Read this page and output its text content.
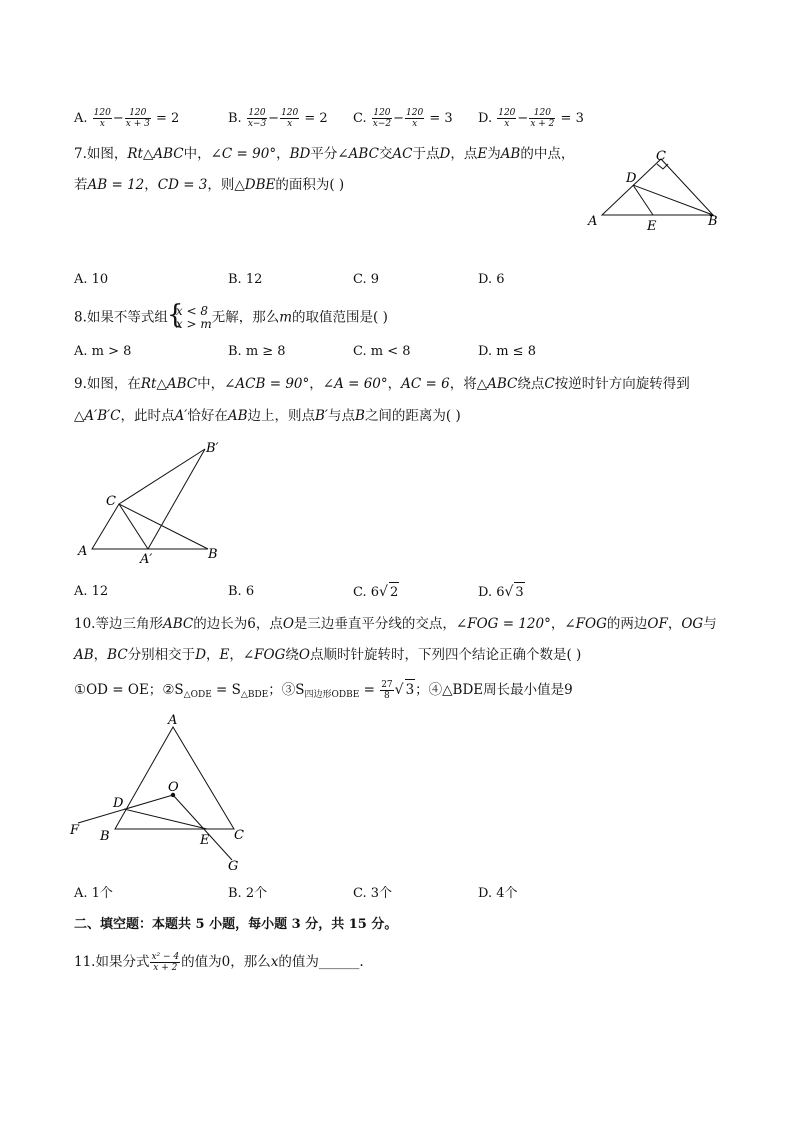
A. $\frac{120}{x} - \frac{120}{x + 3} = 2$	B. $\frac{120}{x-3} - \frac{120}{x} = 2$ C. $\frac{120}{x-2} - \frac{120}{x} = 3$ D. $\frac{120}{x} - \frac{120}{x + 2} = 3$
7.如图，Rt△ABC中，∠C = 90°，BD平分∠ABC交AC于点D，点E为AB的中点，
若AB = 12，CD = 3，则△DBE的面积为( )
A	B
C
D
E
A. 10	B. 12	C. 9	D. 6
8.如果不等式组 {
x < 8
x > m 无解，那么m的取值范围是( )
A. m > 8	B. m ≥ 8	C. m < 8	D. m ≤ 8
9.如图，在Rt△ABC中，∠ACB = 90°，∠A = 60°，AC = 6，将△ABC绕点C按逆时针方向旋转得到
△A′B′C，此时点A′恰好在AB边上，则点B′与点B之间的距离为( )
A	B
C
A′
B′
A. 12	B. 6	C. 6√ 2	D. 6√ 3
10.等边三角形ABC的边长为6，点O是三边垂直平分线的交点，∠FOG = 120°，∠FOG的两边OF，OG与
AB，BC分别相交于D，E，∠FOG绕O点顺时针旋转时，下列四个结论正确个数是( )
①OD = OE；$②S_{\triangle ODE} = S_{\triangle BDE}$；$③S_{四边形ODBE} = \frac{27}{8}$ √ 3；④△BDE周长最小值是9
A
B	C
D
E
F
G
O
A. 1个	B. 2个	C. 3个	D. 4个
二、填空题：本题共 5 小题，每小题 3 分，共 15 分。
11.如果分式 $\frac{\text{x² − 4}}{x + 2}$ 的值为0，那么x的值为______.
